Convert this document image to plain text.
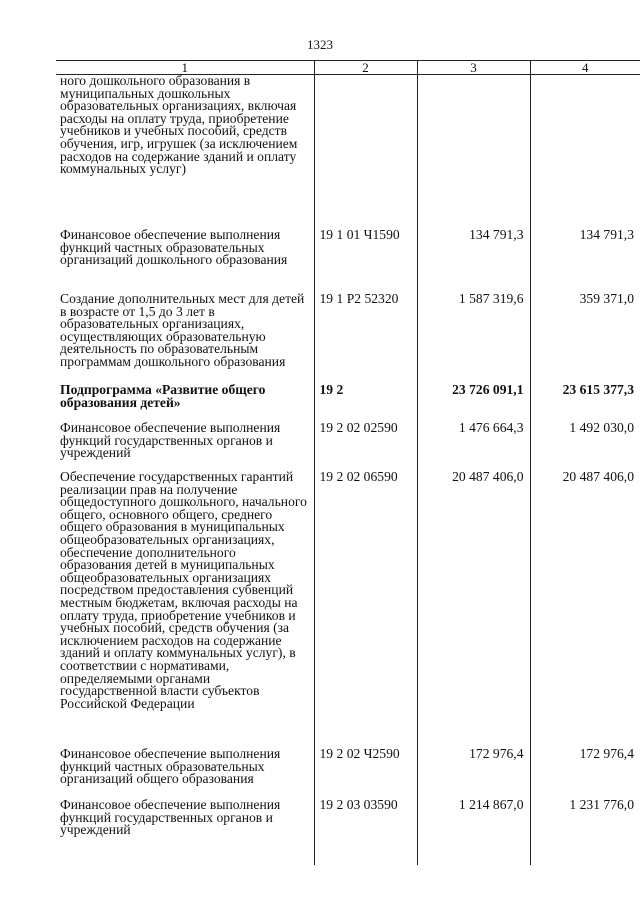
1323
1	2	3	4
ного дошкольного образования в муниципальных дошкольных образовательных организациях, включая расходы на оплату труда, приобретение учебников и учебных пособий, средств обучения, игр, игрушек (за исключением расходов на содержание зданий и оплату коммунальных услуг)			
Финансовое обеспечение выполнения функций частных образовательных организаций дошкольного образования	19 1 01 Ч1590	134 791,3	134 791,3
Создание дополнительных мест для детей в возрасте от 1,5 до 3 лет в образовательных организациях, осуществляющих образовательную деятельность по образовательным программам дошкольного образования	19 1 P2 52320	1 587 319,6	359 371,0
Подпрограмма «Развитие общего образования детей»	19 2	23 726 091,1	23 615 377,3
Финансовое обеспечение выполнения функций государственных органов и учреждений	19 2 02 02590	1 476 664,3	1 492 030,0
Обеспечение государственных гарантий реализации прав на получение общедоступного дошкольного, начального общего, основного общего, среднего общего образования в муниципальных общеобразовательных организациях, обеспечение дополнительного образования детей в муниципальных общеобразовательных организациях посредством предоставления субвенций местным бюджетам, включая расходы на оплату труда, приобретение учебников и учебных пособий, средств обучения (за исключением расходов на содержание зданий и оплату коммунальных услуг), в соответствии с нормативами, определяемыми органами государственной власти субъектов Российской Федерации	19 2 02 06590	20 487 406,0	20 487 406,0
Финансовое обеспечение выполнения функций частных образовательных организаций общего образования	19 2 02 Ч2590	172 976,4	172 976,4
Финансовое обеспечение выполнения функций государственных органов и учреждений	19 2 03 03590	1 214 867,0	1 231 776,0
